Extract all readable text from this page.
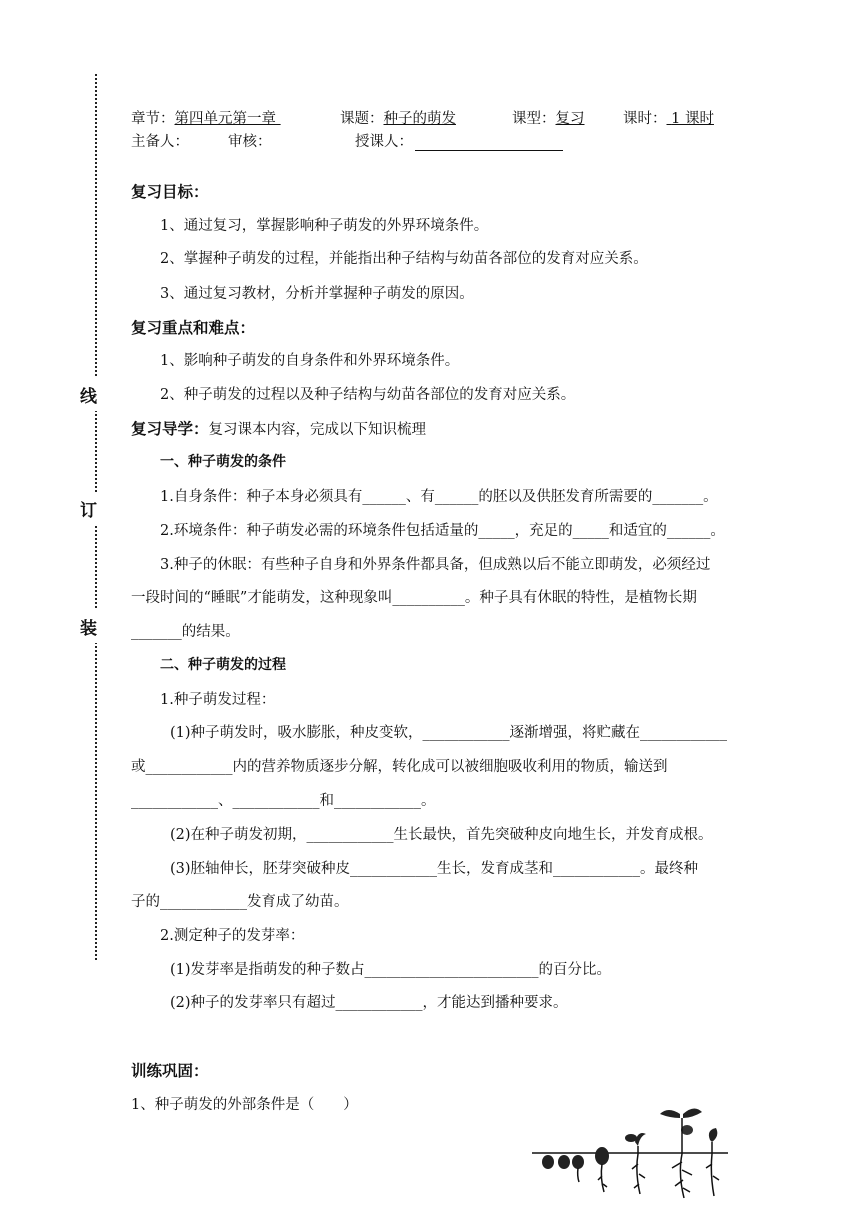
线
订
装
章节：第四单元第一章	课题：种子的萌发	课型：复习	课时： 1 课时
主备人：	审核：	授课人：
复习目标：
1、通过复习，掌握影响种子萌发的外界环境条件。
2、掌握种子萌发的过程，并能指出种子结构与幼苗各部位的发育对应关系。
3、通过复习教材，分析并掌握种子萌发的原因。
复习重点和难点：
1、影响种子萌发的自身条件和外界环境条件。
2、种子萌发的过程以及种子结构与幼苗各部位的发育对应关系。
复习导学：复习课本内容，完成以下知识梳理
一、种子萌发的条件
1.自身条件：种子本身必须具有______、有______的胚以及供胚发育所需要的_______。
2.环境条件：种子萌发必需的环境条件包括适量的_____，充足的_____和适宜的______。
3.种子的休眠：有些种子自身和外界条件都具备，但成熟以后不能立即萌发，必须经过
一段时间的“睡眠”才能萌发，这种现象叫__________。种子具有休眠的特性，是植物长期
_______的结果。
二、种子萌发的过程
1.种子萌发过程：
(1)种子萌发时，吸水膨胀，种皮变软，____________逐渐增强，将贮藏在____________
或____________内的营养物质逐步分解，转化成可以被细胞吸收利用的物质，输送到
____________、____________和____________。
(2)在种子萌发初期，____________生长最快，首先突破种皮向地生长，并发育成根。
(3)胚轴伸长，胚芽突破种皮____________生长，发育成茎和____________。最终种
子的____________发育成了幼苗。
2.测定种子的发芽率：
(1)发芽率是指萌发的种子数占________________________的百分比。
(2)种子的发芽率只有超过____________，才能达到播种要求。
训练巩固：
1、种子萌发的外部条件是（　　）
